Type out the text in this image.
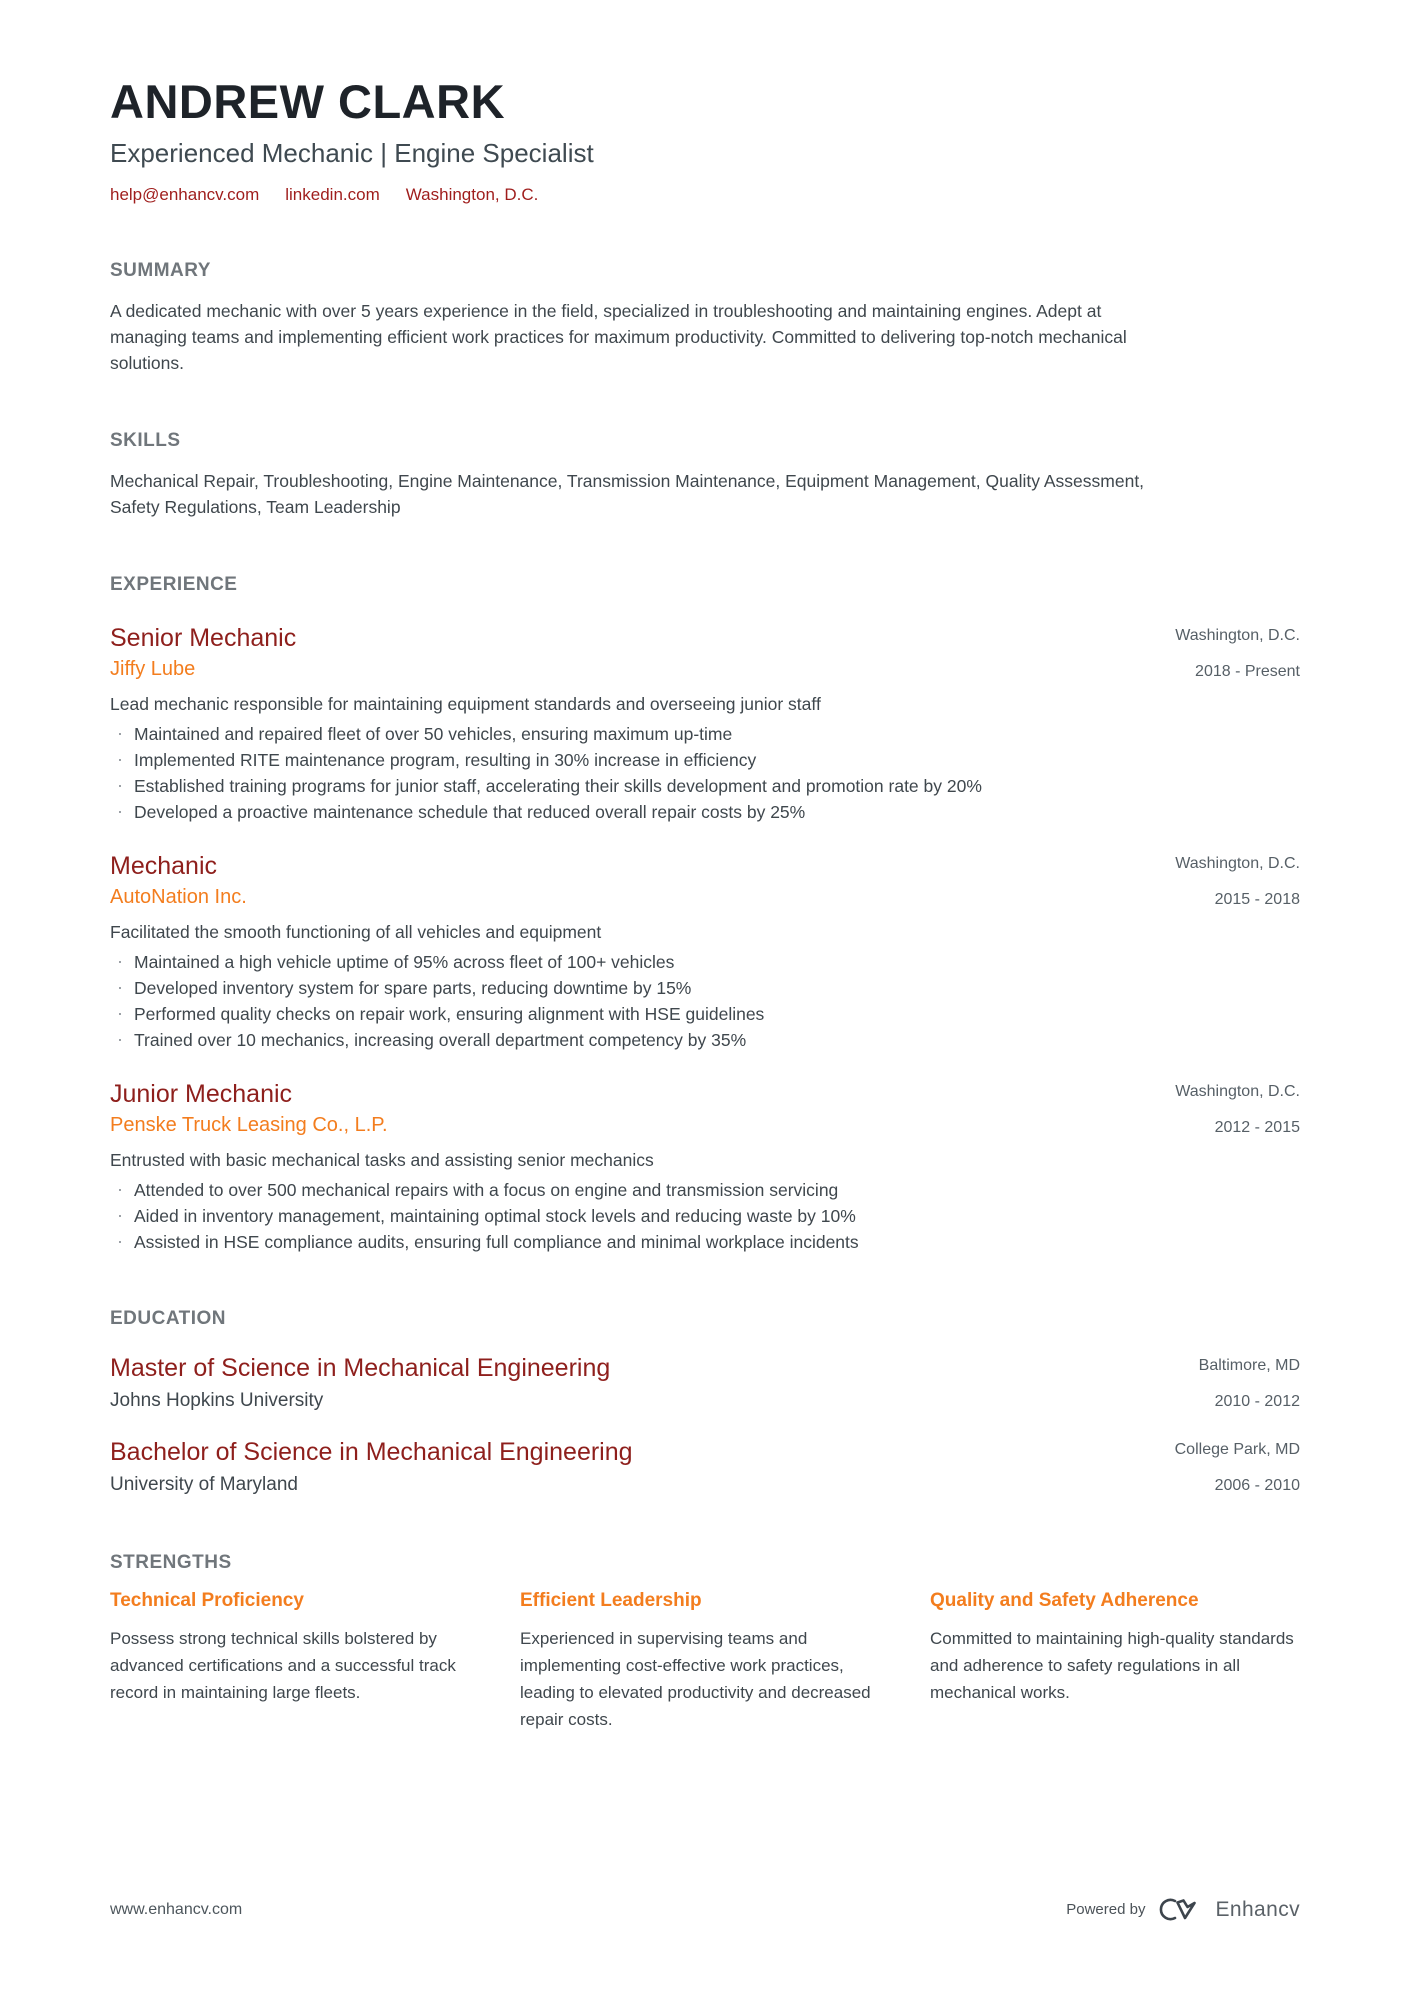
ANDREW CLARK
Experienced Mechanic | Engine Specialist
help@enhancv.com linkedin.com Washington, D.C.
SUMMARY

A dedicated mechanic with over 5 years experience in the field, specialized in troubleshooting and maintaining engines. Adept at managing teams and implementing efficient work practices for maximum productivity. Committed to delivering top-notch mechanical solutions.

SKILLS

Mechanical Repair, Troubleshooting, Engine Maintenance, Transmission Maintenance, Equipment Management, Quality Assessment, Safety Regulations, Team Leadership

EXPERIENCE
Senior Mechanic
Jiffy Lube
Washington, D.C.
2018 - Present

Lead mechanic responsible for maintaining equipment standards and overseeing junior staff

· Maintained and repaired fleet of over 50 vehicles, ensuring maximum up-time
· Implemented RITE maintenance program, resulting in 30% increase in efficiency
· Established training programs for junior staff, accelerating their skills development and promotion rate by 20%
· Developed a proactive maintenance schedule that reduced overall repair costs by 25%
Mechanic
AutoNation Inc.
Washington, D.C.
2015 - 2018

Facilitated the smooth functioning of all vehicles and equipment

· Maintained a high vehicle uptime of 95% across fleet of 100+ vehicles
· Developed inventory system for spare parts, reducing downtime by 15%
· Performed quality checks on repair work, ensuring alignment with HSE guidelines
· Trained over 10 mechanics, increasing overall department competency by 35%
Junior Mechanic
Penske Truck Leasing Co., L.P.
Washington, D.C.
2012 - 2015

Entrusted with basic mechanical tasks and assisting senior mechanics

· Attended to over 500 mechanical repairs with a focus on engine and transmission servicing
· Aided in inventory management, maintaining optimal stock levels and reducing waste by 10%
· Assisted in HSE compliance audits, ensuring full compliance and minimal workplace incidents
EDUCATION
Master of Science in Mechanical Engineering
Johns Hopkins University
Baltimore, MD
2010 - 2012
Bachelor of Science in Mechanical Engineering
University of Maryland
College Park, MD
2006 - 2010
STRENGTHS
Technical Proficiency

Possess strong technical skills bolstered by advanced certifications and a successful track record in maintaining large fleets.

Efficient Leadership

Experienced in supervising teams and implementing cost-effective work practices, leading to elevated productivity and decreased repair costs.

Quality and Safety Adherence

Committed to maintaining high-quality standards and adherence to safety regulations in all mechanical works.

www.enhancv.com	Powered by	Enhancv
